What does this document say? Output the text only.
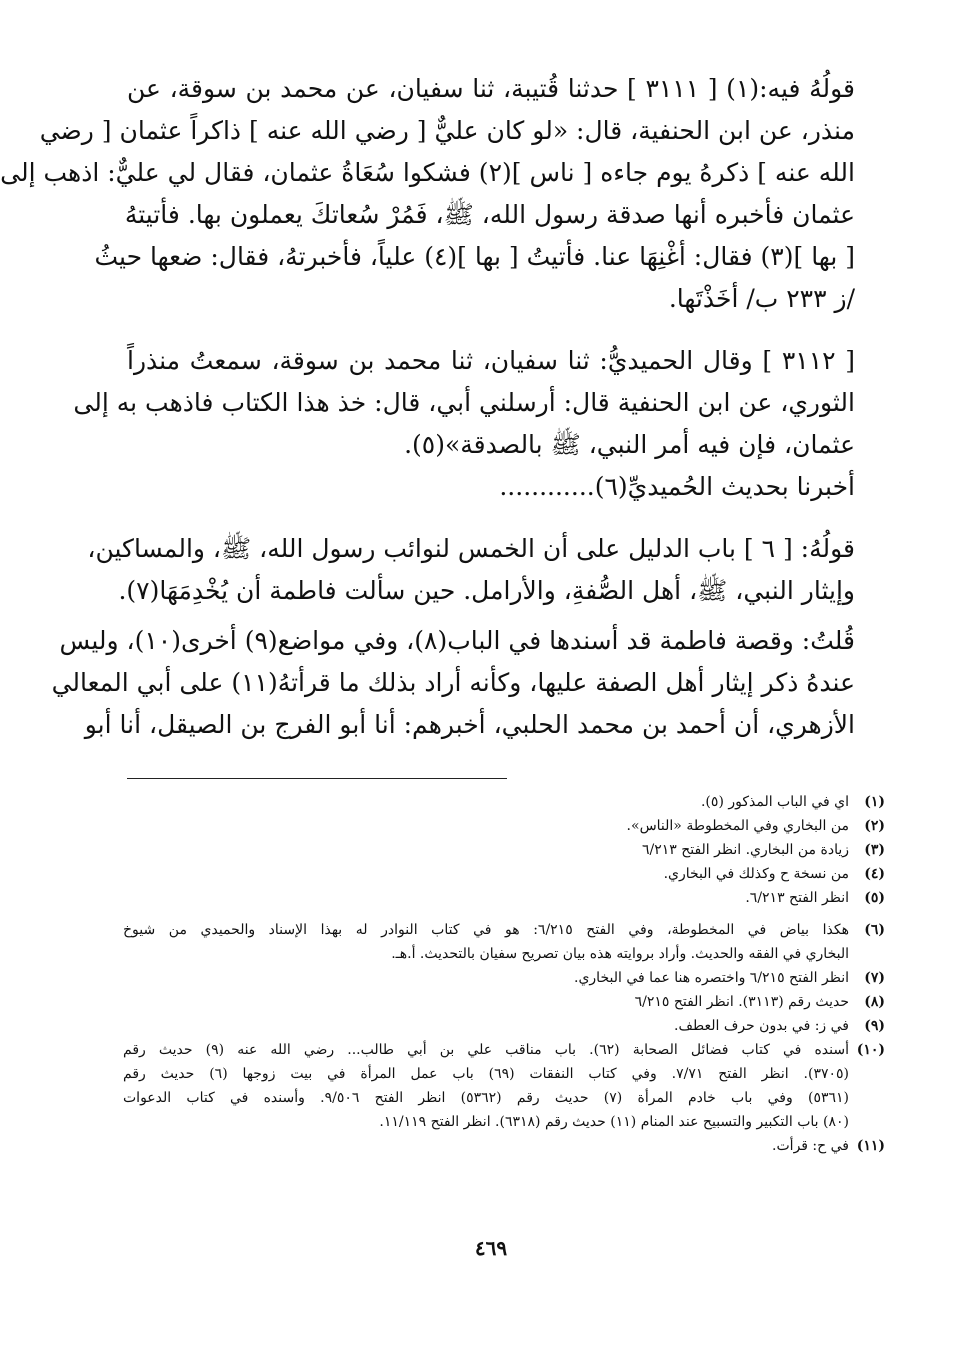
قولُهُ فيه:(١) [ ٣١١١ ] حدثنا قُتيبة، ثنا سفيان، عن محمد بن سوقة، عن
منذر، عن ابن الحنفية، قال: «لو كان عليٌّ [ رضي الله عنه ] ذاكراً عثمان [ رضي
الله عنه ] ذكرهُ يوم جاءه [ ناس ](٢) فشكوا سُعَاةُ عثمان، فقال لي عليٌّ: اذهب إلى
عثمان فأخبره أنها صدقة رسول الله، ﷺ، فَمُرْ سُعاتكَ يعملون بها. فأتيتهُ
[ بها ](٣) فقال: أغْنِهَا عنا. فأتيتُ [ بها ](٤) علياً، فأخبرتهُ، فقال: ضعها حيثُ
/ز ٢٣٣ ب/ أخَذْتَها.
[ ٣١١٢ ] وقال الحميديُّ: ثنا سفيان، ثنا محمد بن سوقة، سمعتُ منذراً
الثوري، عن ابن الحنفية قال: أرسلني أبي، قال: خذ هذا الكتاب فاذهب به إلى
عثمان، فإن فيه أمر النبي، ﷺ بالصدقة»(٥).
أخبرنا بحديث الحُميديِّ(٦)............
قولُهُ: [ ٦ ] باب الدليل على أن الخمس لنوائب رسول الله، ﷺ، والمساكين،
وإيثار النبي، ﷺ، أهل الصُّفةِ، والأرامل. حين سألت فاطمة أن يُخْدِمَهَا(٧).
قُلتُ: وقصة فاطمة قد أسندها في الباب(٨)، وفي مواضع(٩) أخرى(١٠)، وليس
عندهُ ذكر إيثار أهل الصفة عليها، وكأنه أراد بذلك ما قرأتهُ(١١) على أبي المعالي
الأزهري، أن أحمد بن محمد الحلبي، أخبرهم: أنا أبو الفرج بن الصيقل، أنا أبو
(١)
اي في الباب المذكور (٥).
(٢)
من البخاري وفي المخطوطة «الناس».
(٣)
زيادة من البخاري. انظر الفتح ٦/٢١٣
(٤)
من نسخة ح وكذلك في البخاري.
(٥)
انظر الفتح ٦/٢١٣.
(٦)
هكذا بياض في المخطوطة، وفي الفتح ٦/٢١٥: هو في كتاب النوادر له بهذا الإسناد والحميدي من شيوخ
البخاري في الفقه والحديث. وأراد بروايته هذه بيان تصريح سفيان بالتحديث. أ.هـ.
(٧)
انظر الفتح ٦/٢١٥ واختصره هنا عما في البخاري.
(٨)
حديث رقم (٣١١٣). انظر الفتح ٦/٢١٥
(٩)
في ز: في بدون حرف العطف.
(١٠)
أسنده في كتاب فضائل الصحابة (٦٢). باب مناقب علي بن أبي طالب... رضي الله عنه (٩) حديث رقم
(٣٧٠٥). انظر الفتح ٧/٧١. وفي كتاب النفقات (٦٩) باب عمل المرأة في بيت زوجها (٦) حديث رقم
(٥٣٦١) وفي باب خادم المرأة (٧) حديث رقم (٥٣٦٢) انظر الفتح ٩/٥٠٦. وأسنده في كتاب الدعوات
(٨٠) باب التكبير والتسبيح عند المنام (١١) حديث رقم (٦٣١٨). انظر الفتح ١١/١١٩.
(١١)
في ح: قرأت.
٤٦٩
